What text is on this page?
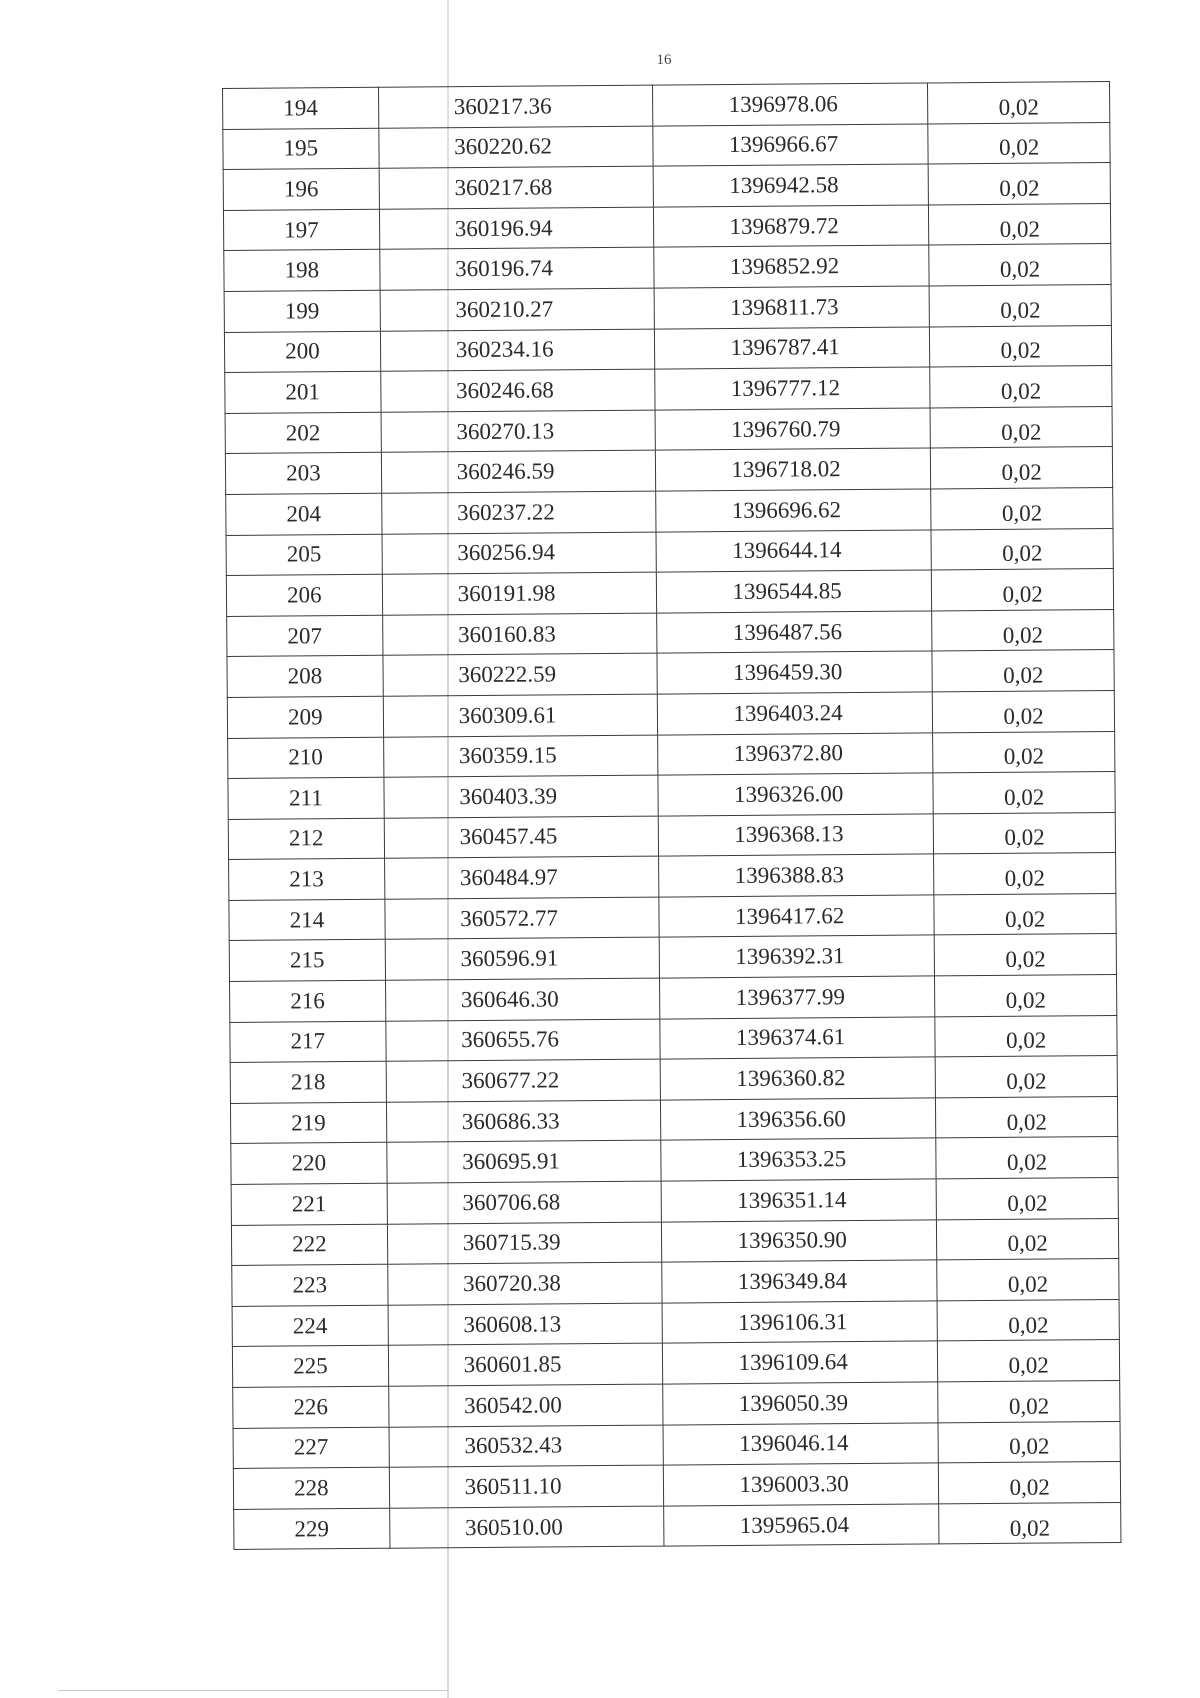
16
194	360217.36	1396978.06	0,02
195	360220.62	1396966.67	0,02
196	360217.68	1396942.58	0,02
197	360196.94	1396879.72	0,02
198	360196.74	1396852.92	0,02
199	360210.27	1396811.73	0,02
200	360234.16	1396787.41	0,02
201	360246.68	1396777.12	0,02
202	360270.13	1396760.79	0,02
203	360246.59	1396718.02	0,02
204	360237.22	1396696.62	0,02
205	360256.94	1396644.14	0,02
206	360191.98	1396544.85	0,02
207	360160.83	1396487.56	0,02
208	360222.59	1396459.30	0,02
209	360309.61	1396403.24	0,02
210	360359.15	1396372.80	0,02
211	360403.39	1396326.00	0,02
212	360457.45	1396368.13	0,02
213	360484.97	1396388.83	0,02
214	360572.77	1396417.62	0,02
215	360596.91	1396392.31	0,02
216	360646.30	1396377.99	0,02
217	360655.76	1396374.61	0,02
218	360677.22	1396360.82	0,02
219	360686.33	1396356.60	0,02
220	360695.91	1396353.25	0,02
221	360706.68	1396351.14	0,02
222	360715.39	1396350.90	0,02
223	360720.38	1396349.84	0,02
224	360608.13	1396106.31	0,02
225	360601.85	1396109.64	0,02
226	360542.00	1396050.39	0,02
227	360532.43	1396046.14	0,02
228	360511.10	1396003.30	0,02
229	360510.00	1395965.04	0,02
